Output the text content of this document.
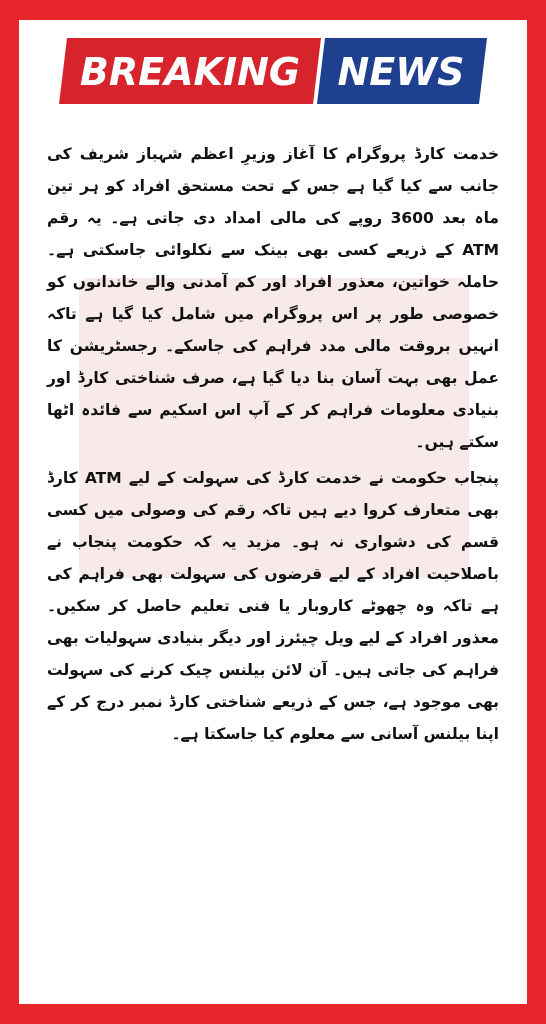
BREAKING NEWS

خدمت کارڈ پروگرام کا آغاز وزیرِ اعظم شہباز شریف کی جانب سے کیا گیا ہے جس کے تحت مستحق افراد کو ہر تین ماہ بعد 3600 روپے کی مالی امداد دی جاتی ہے۔ یہ رقم ATM کے ذریعے کسی بھی بینک سے نکلوائی جاسکتی ہے۔ حاملہ خواتین، معذور افراد اور کم آمدنی والے خاندانوں کو خصوصی طور پر اس پروگرام میں شامل کیا گیا ہے تاکہ انہیں بروقت مالی مدد فراہم کی جاسکے۔ رجسٹریشن کا عمل بھی بہت آسان بنا دیا گیا ہے، صرف شناختی کارڈ اور بنیادی معلومات فراہم کر کے آپ اس اسکیم سے فائدہ اٹھا سکتے ہیں۔

پنجاب حکومت نے خدمت کارڈ کی سہولت کے لیے ATM کارڈ بھی متعارف کروا دیے ہیں تاکہ رقم کی وصولی میں کسی قسم کی دشواری نہ ہو۔ مزید یہ کہ حکومت پنجاب نے باصلاحیت افراد کے لیے قرضوں کی سہولت بھی فراہم کی ہے تاکہ وہ چھوٹے کاروبار یا فنی تعلیم حاصل کر سکیں۔ معذور افراد کے لیے ویل چیئرز اور دیگر بنیادی سہولیات بھی فراہم کی جاتی ہیں۔ آن لائن بیلنس چیک کرنے کی سہولت بھی موجود ہے، جس کے ذریعے شناختی کارڈ نمبر درج کر کے اپنا بیلنس آسانی سے معلوم کیا جاسکتا ہے۔
